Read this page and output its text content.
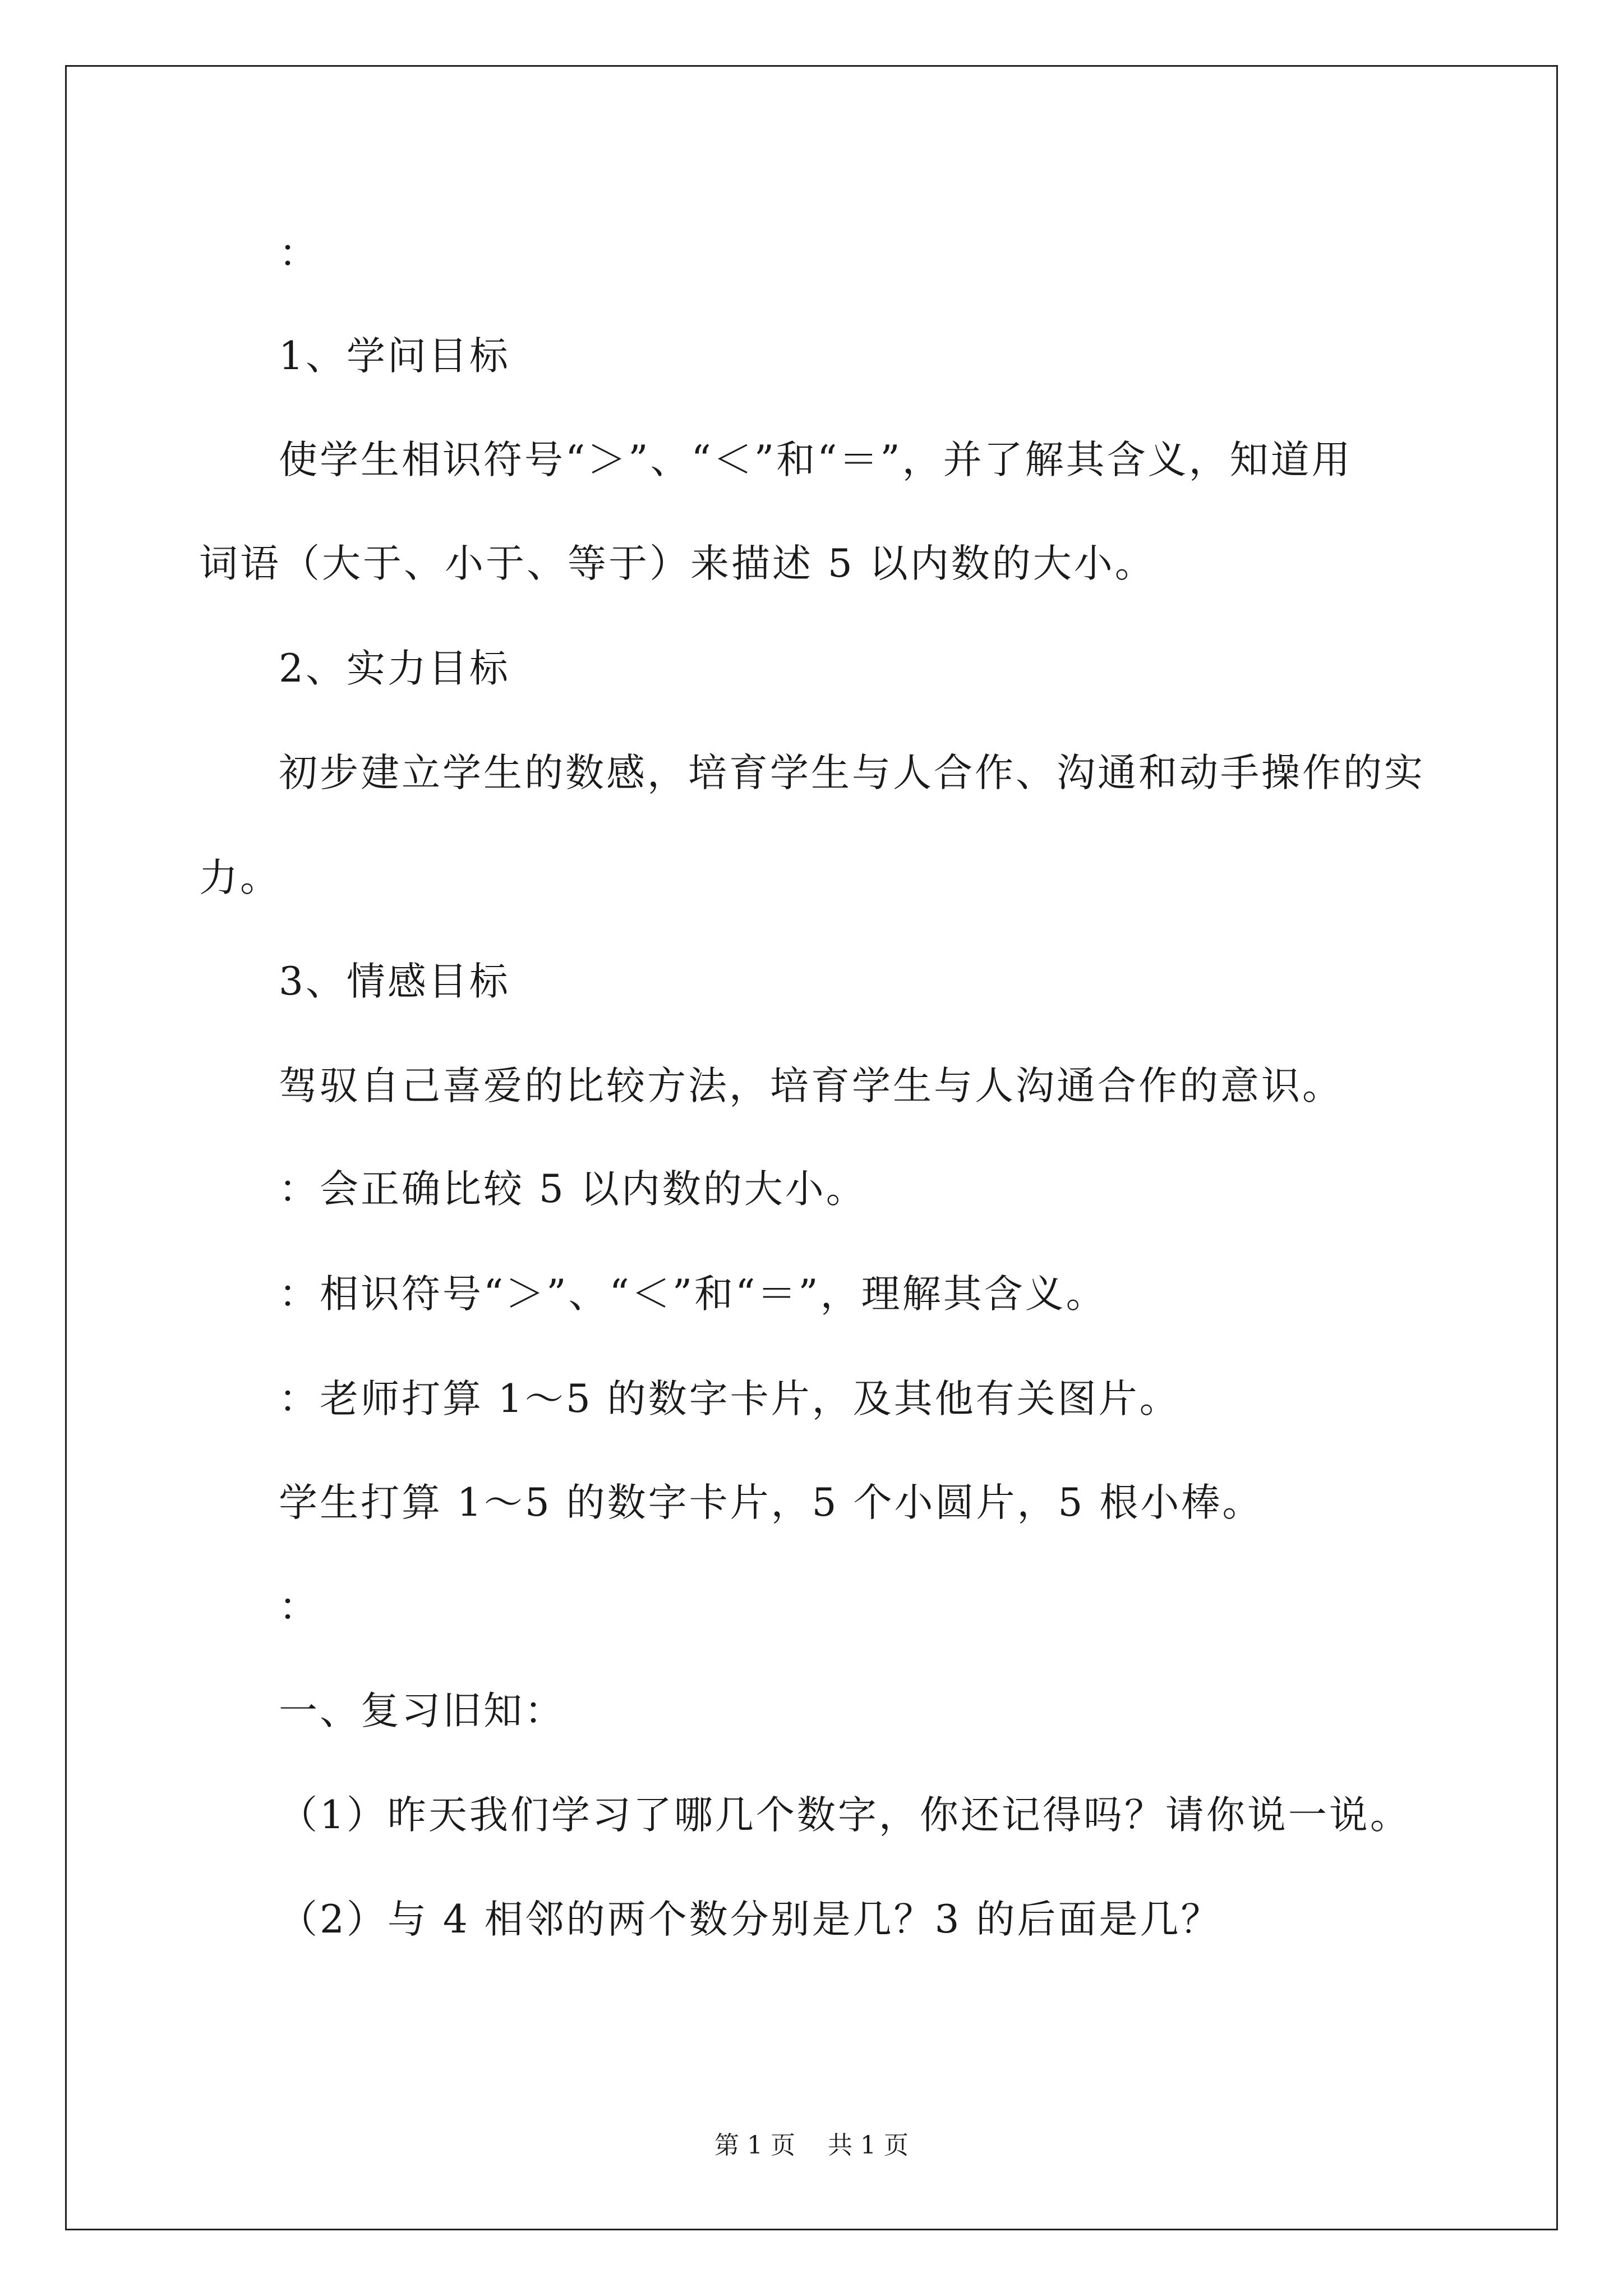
：
1、学问目标
使学生相识符号“＞”、“＜”和“＝”，并了解其含义，知道用
词语（大于、小于、等于）来描述 5 以内数的大小。
2、实力目标
初步建立学生的数感，培育学生与人合作、沟通和动手操作的实
力。
3、情感目标
驾驭自己喜爱的比较方法，培育学生与人沟通合作的意识。
：会正确比较 5 以内数的大小。
：相识符号“＞”、“＜”和“＝”，理解其含义。
：老师打算 1～5 的数字卡片，及其他有关图片。
学生打算 1～5 的数字卡片，5 个小圆片，5 根小棒。
：
一、复习旧知：
（1）昨天我们学习了哪几个数字，你还记得吗？请你说一说。
（2）与 4 相邻的两个数分别是几？3 的后面是几？
第 1 页　 共 1 页
